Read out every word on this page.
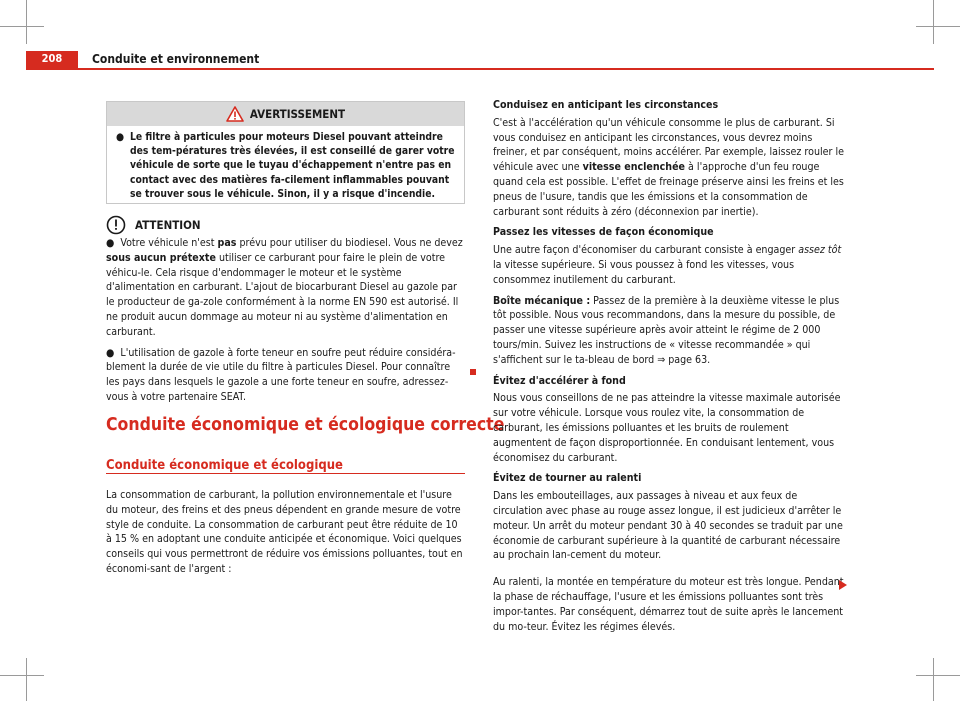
208	Conduite et environnement
AVERTISSEMENT
● Le filtre à particules pour moteurs Diesel pouvant atteindre des tem-pératures très élevées, il est conseillé de garer votre véhicule de sorte que le tuyau d'échappement n'entre pas en contact avec des matières fa-cilement inflammables pouvant se trouver sous le véhicule. Sinon, il y a risque d'incendie.
ATTENTION

● Votre véhicule n'est pas prévu pour utiliser du biodiesel. Vous ne devez sous aucun prétexte utiliser ce carburant pour faire le plein de votre véhicu-le. Cela risque d'endommager le moteur et le système d'alimentation en carburant. L'ajout de biocarburant Diesel au gazole par le producteur de ga-zole conformément à la norme EN 590 est autorisé. Il ne produit aucun dommage au moteur ni au système d'alimentation en carburant.

● L'utilisation de gazole à forte teneur en soufre peut réduire considéra-blement la durée de vie utile du filtre à particules Diesel. Pour connaître les pays dans lesquels le gazole a une forte teneur en soufre, adressez-vous à votre partenaire SEAT.

Conduite économique et écologique correcte
Conduite économique et écologique

La consommation de carburant, la pollution environnementale et l'usure du moteur, des freins et des pneus dépendent en grande mesure de votre style de conduite. La consommation de carburant peut être réduite de 10 à 15 % en adoptant une conduite anticipée et économique. Voici quelques conseils qui vous permettront de réduire vos émissions polluantes, tout en économi-sant de l'argent :

Conduisez en anticipant les circonstances

C'est à l'accélération qu'un véhicule consomme le plus de carburant. Si vous conduisez en anticipant les circonstances, vous devrez moins freiner, et par conséquent, moins accélérer. Par exemple, laissez rouler le véhicule avec une vitesse enclenchée à l'approche d'un feu rouge quand cela est possible. L'effet de freinage préserve ainsi les freins et les pneus de l'usure, tandis que les émissions et la consommation de carburant sont réduits à zéro (déconnexion par inertie).

Passez les vitesses de façon économique

Une autre façon d'économiser du carburant consiste à engager assez tôt la vitesse supérieure. Si vous poussez à fond les vitesses, vous consommez inutilement du carburant.

Boîte mécanique : Passez de la première à la deuxième vitesse le plus tôt possible. Nous vous recommandons, dans la mesure du possible, de passer une vitesse supérieure après avoir atteint le régime de 2 000 tours/min. Suivez les instructions de « vitesse recommandée » qui s'affichent sur le ta-bleau de bord ⇒ page 63.

Évitez d'accélérer à fond

Nous vous conseillons de ne pas atteindre la vitesse maximale autorisée sur votre véhicule. Lorsque vous roulez vite, la consommation de carburant, les émissions polluantes et les bruits de roulement augmentent de façon disproportionnée. En conduisant lentement, vous économisez du carburant.

Évitez de tourner au ralenti

Dans les embouteillages, aux passages à niveau et aux feux de circulation avec phase au rouge assez longue, il est judicieux d'arrêter le moteur. Un arrêt du moteur pendant 30 à 40 secondes se traduit par une économie de carburant supérieure à la quantité de carburant nécessaire au prochain lan-cement du moteur.

Au ralenti, la montée en température du moteur est très longue. Pendant la phase de réchauffage, l'usure et les émissions polluantes sont très impor-tantes. Par conséquent, démarrez tout de suite après le lancement du mo-teur. Évitez les régimes élevés.
